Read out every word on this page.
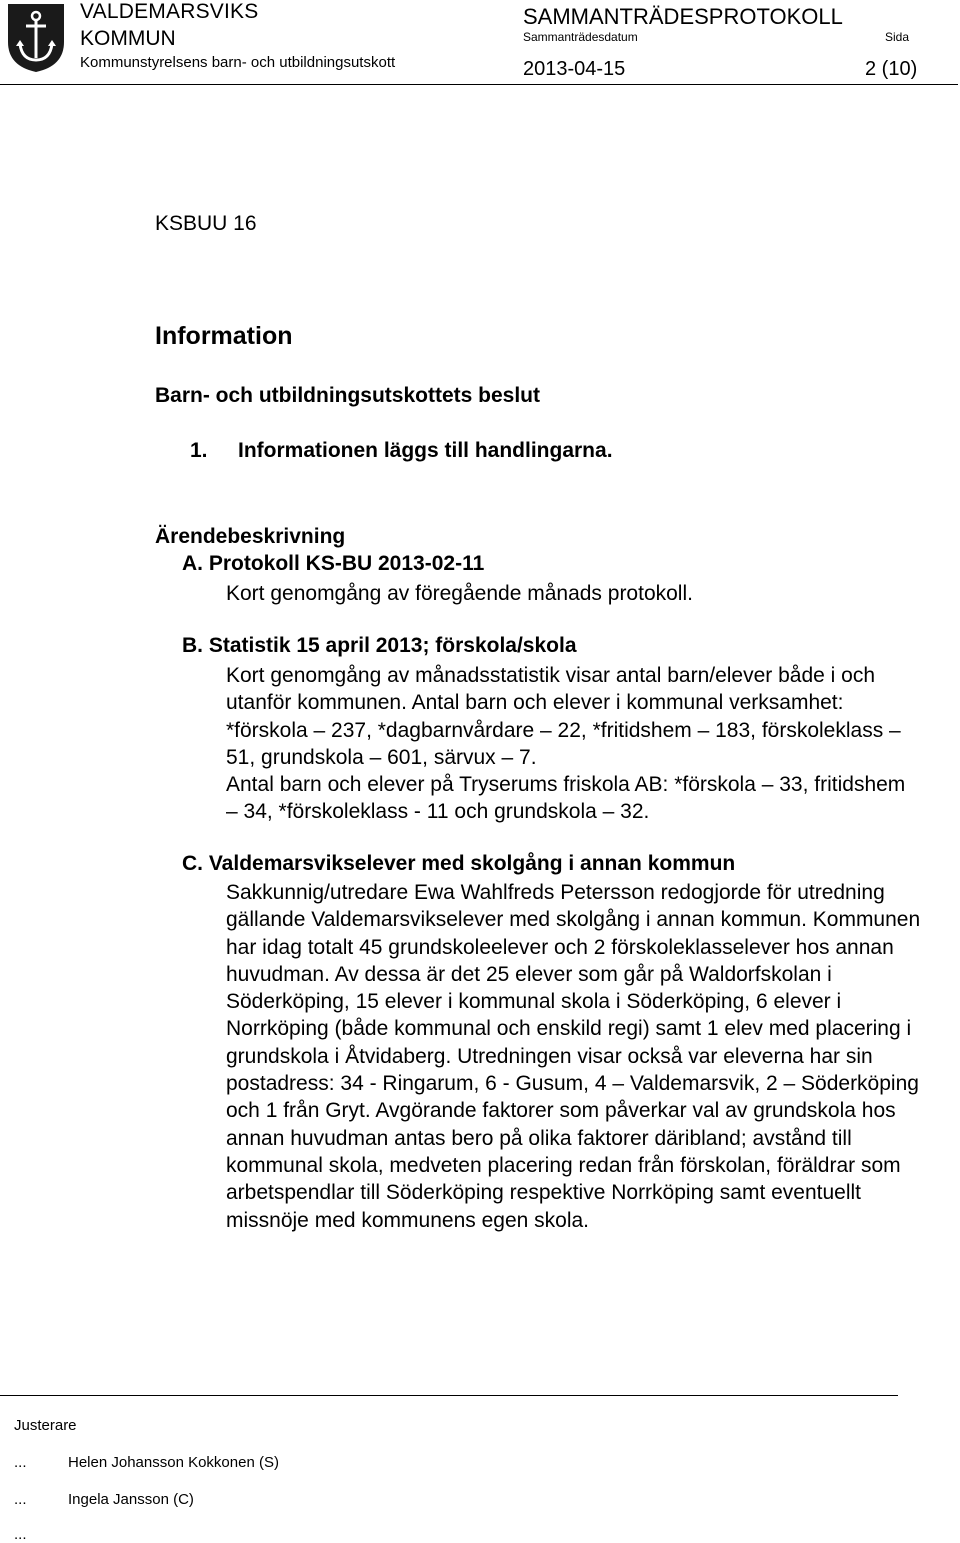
VALDEMARSVIKS
KOMMUN
Kommunstyrelsens barn- och utbildningsutskott
SAMMANTRÄDESPROTOKOLL
Sammanträdesdatum	Sida
2013-04-15	2 (10)
KSBUU 16
Information
Barn- och utbildningsutskottets beslut
1. Informationen läggs till handlingarna.
Ärendebeskrivning
A. Protokoll KS-BU 2013-02-11
Kort genomgång av föregående månads protokoll.
B. Statistik 15 april 2013; förskola/skola
Kort genomgång av månadsstatistik visar antal barn/elever både i och utanför kommunen. Antal barn och elever i kommunal verksamhet: *förskola – 237, *dagbarnvårdare – 22, *fritidshem – 183, förskoleklass – 51, grundskola – 601, särvux – 7.
Antal barn och elever på Tryserums friskola AB: *förskola – 33, fritidshem – 34, *förskoleklass - 11 och grundskola – 32.
C. Valdemarsvikselever med skolgång i annan kommun
Sakkunnig/utredare Ewa Wahlfreds Petersson redogjorde för utredning gällande Valdemarsvikselever med skolgång i annan kommun. Kommunen har idag totalt 45 grundskoleelever och 2 förskoleklasselever hos annan huvudman. Av dessa är det 25 elever som går på Waldorfskolan i Söderköping, 15 elever i kommunal skola i Söderköping, 6 elever i Norrköping (både kommunal och enskild regi) samt 1 elev med placering i grundskola i Åtvidaberg. Utredningen visar också var eleverna har sin postadress: 34 - Ringarum, 6 - Gusum, 4 – Valdemarsvik, 2 – Söderköping och 1 från Gryt. Avgörande faktorer som påverkar val av grundskola hos annan huvudman antas bero på olika faktorer däribland; avstånd till kommunal skola, medveten placering redan från förskolan, föräldrar som arbetspendlar till Söderköping respektive Norrköping samt eventuellt missnöje med kommunens egen skola.
Justerare
...	Helen Johansson Kokkonen (S)
...	Ingela Jansson (C)
...
